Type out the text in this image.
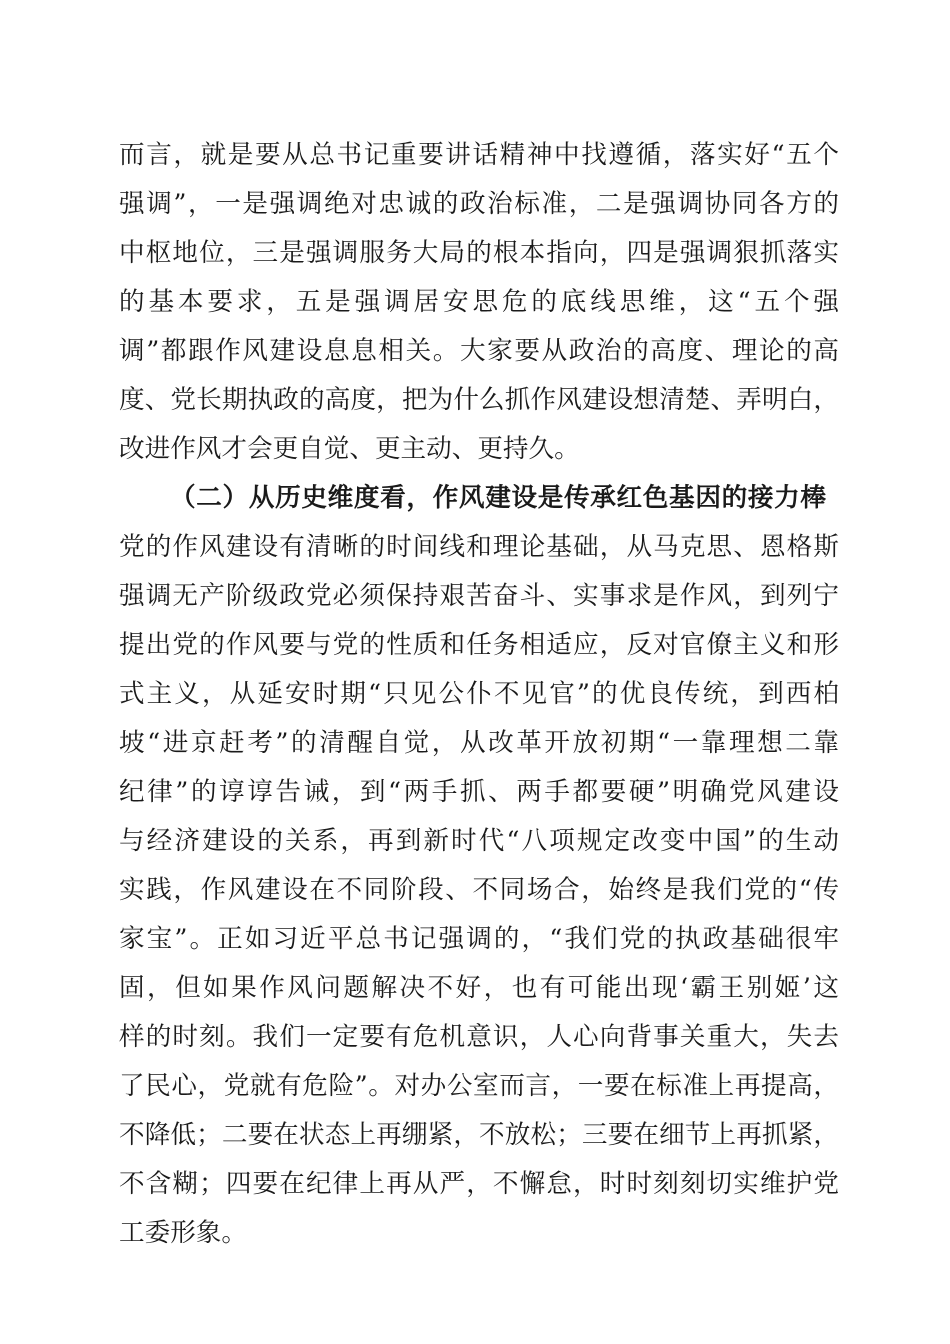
而言，就是要从总书记重要讲话精神中找遵循，落实好“五个
强调”，一是强调绝对忠诚的政治标准，二是强调协同各方的
中枢地位，三是强调服务大局的根本指向，四是强调狠抓落实
的基本要求，五是强调居安思危的底线思维，这“五个强
调”都跟作风建设息息相关。大家要从政治的高度、理论的高
度、党长期执政的高度，把为什么抓作风建设想清楚、弄明白，
改进作风才会更自觉、更主动、更持久。
（二）从历史维度看，作风建设是传承红色基因的接力棒
党的作风建设有清晰的时间线和理论基础，从马克思、恩格斯
强调无产阶级政党必须保持艰苦奋斗、实事求是作风，到列宁
提出党的作风要与党的性质和任务相适应，反对官僚主义和形
式主义，从延安时期“只见公仆不见官”的优良传统，到西柏
坡“进京赶考”的清醒自觉，从改革开放初期“一靠理想二靠
纪律”的谆谆告诫，到“两手抓、两手都要硬”明确党风建设
与经济建设的关系，再到新时代“八项规定改变中国”的生动
实践，作风建设在不同阶段、不同场合，始终是我们党的“传
家宝”。正如习近平总书记强调的，“我们党的执政基础很牢
固，但如果作风问题解决不好，也有可能出现‘霸王别姬’这
样的时刻。我们一定要有危机意识，人心向背事关重大，失去
了民心，党就有危险”。对办公室而言，一要在标准上再提高，
不降低；二要在状态上再绷紧，不放松；三要在细节上再抓紧，
不含糊；四要在纪律上再从严，不懈怠，时时刻刻切实维护党
工委形象。
